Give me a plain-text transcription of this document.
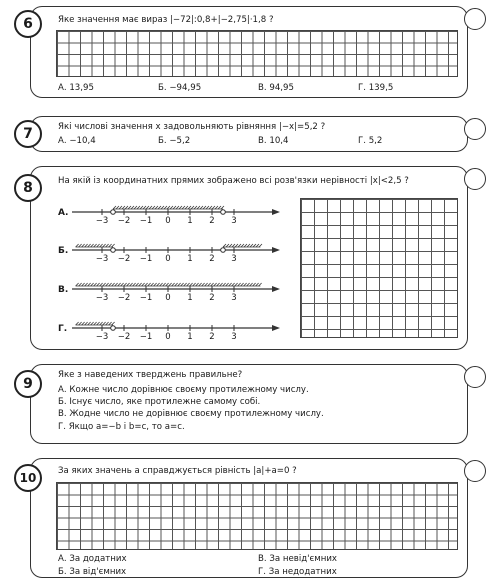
6	Яке значення має вираз |−72|:0,8+|−2,75|·1,8 ?
А. 13,95	Б. −94,95	В. 94,95	Г. 139,5
7	Які числові значення x задовольняють рівняння |−x|=5,2 ?
А. −10,4	Б. −5,2	В. 10,4	Г. 5,2
8	На якій із координатних прямих зображено всі розв'язки нерівності |x|<2,5 ?
А.
−3 −2 −1	0	1	2	3
Б.
−3 −2 −1	0	1	2	3
В.
−3 −2 −1	0	1	2	3
Г.
−3 −2 −1	0	1	2	3
9
Яке з наведених тверджень правильне?
А. Кожне число дорівнює своєму протилежному числу.
Б. Існує число, яке протилежне самому собі.
В. Жодне число не дорівнює своєму протилежному числу.
Г. Якщо a=−b і b=c, то a=c.
10	За яких значень a справджується рівність |a|+a=0 ?
А. За додатних	В. За невід'ємних
Б. За від'ємних	Г. За недодатних
